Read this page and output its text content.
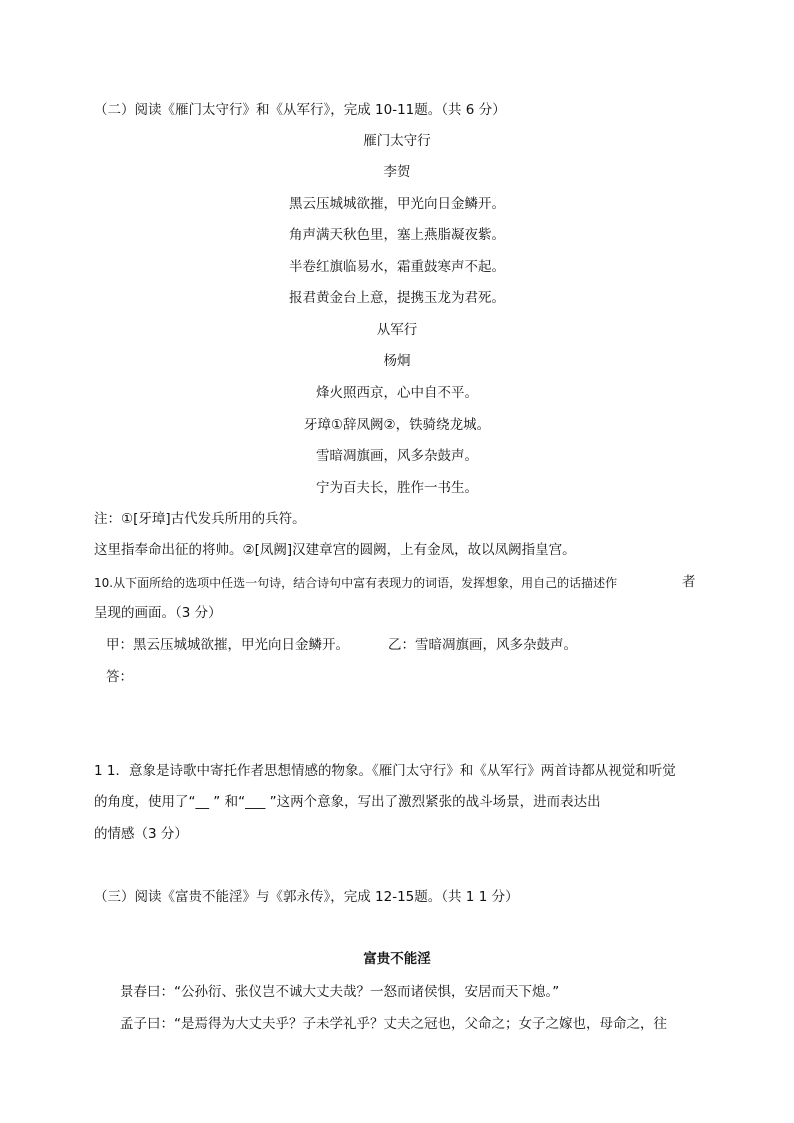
（二）阅读《雁门太守行》和《从军行》，完成 10-11题。（共 6 分）
雁门太守行
李贺
黑云压城城欲摧，甲光向日金鳞开。
角声满天秋色里，塞上燕脂凝夜紫。
半卷红旗临易水，霜重鼓寒声不起。
报君黄金台上意，提携玉龙为君死。
从军行
杨炯
烽火照西京，心中自不平。
牙璋①辞凤阙②，铁骑绕龙城。
雪暗凋旗画，风多杂鼓声。
宁为百夫长，胜作一书生。
注：①[牙璋]古代发兵所用的兵符。
这里指奉命出征的将帅。②[凤阙]汉建章宫的圆阙，上有金凤，故以凤阙指皇宫。
10.从下面所给的选项中任选一句诗，结合诗句中富有表现力的词语，发挥想象，用自己的话描述作	者
呈现的画面。（3 分）
甲：黑云压城城欲摧，甲光向日金鳞开。	乙：雪暗凋旗画，风多杂鼓声。
答：
1 1．意象是诗歌中寄托作者思想情感的物象。《雁门太守行》和《从军行》两首诗都从视觉和听觉
的角度，使用了“__ ” 和“___ ”这两个意象，写出了激烈紧张的战斗场景，进而表达出
的情感（3 分）
（三）阅读《富贵不能淫》与《郭永传》，完成 12-15题。（共 1 1 分）
富贵不能淫
景春曰：“公孙衍、张仪岂不诚大丈夫哉？一怒而诸侯惧，安居而天下熄。”
孟子曰：“是焉得为大丈夫乎？子未学礼乎？丈夫之冠也，父命之；女子之嫁也，母命之，往
